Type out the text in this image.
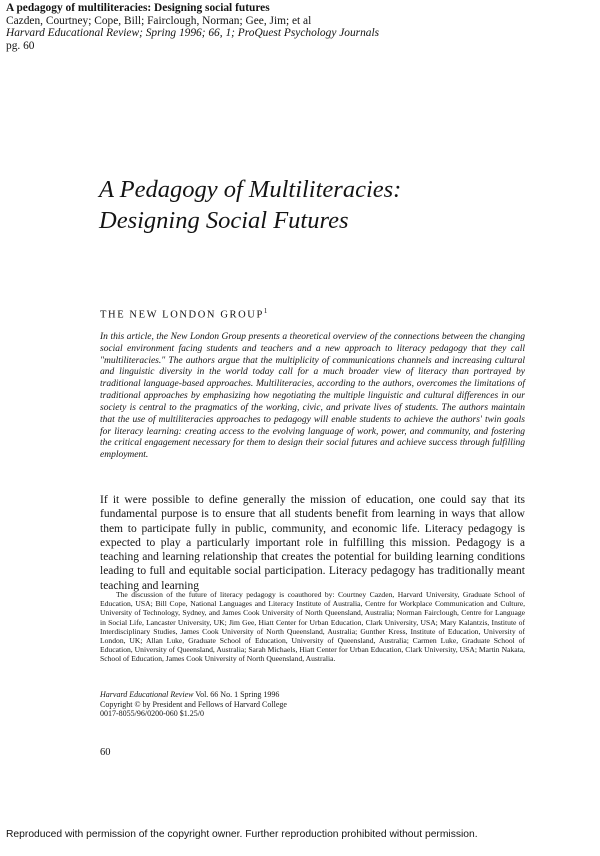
A pedagogy of multiliteracies: Designing social futures
Cazden, Courtney; Cope, Bill; Fairclough, Norman; Gee, Jim; et al
Harvard Educational Review; Spring 1996; 66, 1; ProQuest Psychology Journals
pg. 60
A Pedagogy of Multiliteracies:
Designing Social Futures
THE NEW LONDON GROUP$^1$
In this article, the New London Group presents a theoretical overview of the connections between the changing social environment facing students and teachers and a new approach to literacy pedagogy that they call "multiliteracies." The authors argue that the multiplicity of communications channels and increasing cultural and linguistic diversity in the world today call for a much broader view of literacy than portrayed by traditional language-based approaches. Multiliteracies, according to the authors, overcomes the limitations of traditional approaches by emphasizing how negotiating the multiple linguistic and cultural differences in our society is central to the pragmatics of the working, civic, and private lives of students. The authors maintain that the use of multiliteracies approaches to pedagogy will enable students to achieve the authors' twin goals for literacy learning: creating access to the evolving language of work, power, and community, and fostering the critical engagement necessary for them to design their social futures and achieve success through fulfilling employment.
If it were possible to define generally the mission of education, one could say that its fundamental purpose is to ensure that all students benefit from learning in ways that allow them to participate fully in public, community, and economic life. Literacy pedagogy is expected to play a particularly important role in fulfilling this mission. Pedagogy is a teaching and learning relationship that creates the potential for building learning conditions leading to full and equitable social participation. Literacy pedagogy has traditionally meant teaching and learning
The discussion of the future of literacy pedagogy is coauthored by: Courtney Cazden, Harvard University, Graduate School of Education, USA; Bill Cope, National Languages and Literacy Institute of Australia, Centre for Workplace Communication and Culture, University of Technology, Sydney, and James Cook University of North Queensland, Australia; Norman Fairclough, Centre for Language in Social Life, Lancaster University, UK; Jim Gee, Hiatt Center for Urban Education, Clark University, USA; Mary Kalantzis, Institute of Interdisciplinary Studies, James Cook University of North Queensland, Australia; Gunther Kress, Institute of Education, University of London, UK; Allan Luke, Graduate School of Education, University of Queensland, Australia; Carmen Luke, Graduate School of Education, University of Queensland, Australia; Sarah Michaels, Hiatt Center for Urban Education, Clark University, USA; Martin Nakata, School of Education, James Cook University of North Queensland, Australia.
Harvard Educational Review Vol. 66 No. 1 Spring 1996
Copyright © by President and Fellows of Harvard College
0017-8055/96/0200-060 $1.25/0
60
Reproduced with permission of the copyright owner. Further reproduction prohibited without permission.
